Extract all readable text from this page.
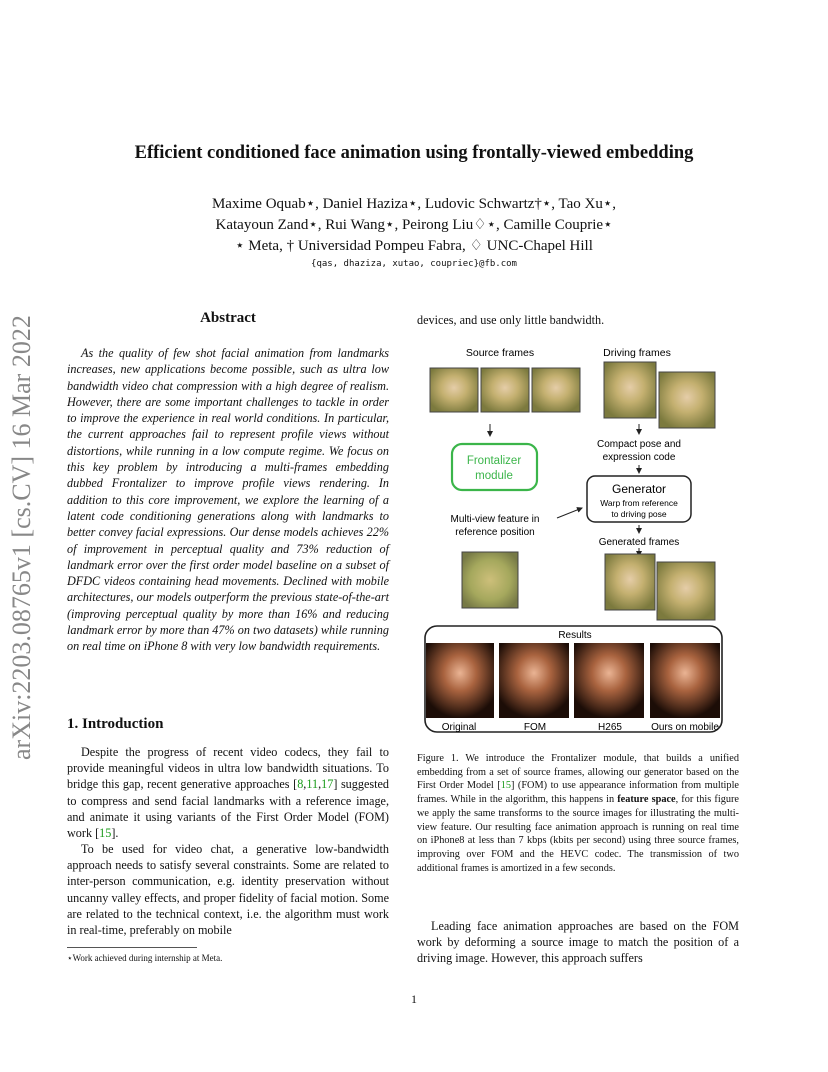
arXiv:2203.08765v1 [cs.CV] 16 Mar 2022
Efficient conditioned face animation using frontally-viewed embedding
Maxime Oquab⋆, Daniel Haziza⋆, Ludovic Schwartz†⋆, Tao Xu⋆,
Katayoun Zand⋆, Rui Wang⋆, Peirong Liu♢⋆, Camille Couprie⋆
⋆ Meta, † Universidad Pompeu Fabra, ♢ UNC-Chapel Hill
{qas, dhaziza, xutao, coupriec}@fb.com
Abstract
As the quality of few shot facial animation from landmarks increases, new applications become possible, such as ultra low bandwidth video chat compression with a high degree of realism. However, there are some important challenges to tackle in order to improve the experience in real world conditions. In particular, the current approaches fail to represent profile views without distortions, while running in a low compute regime. We focus on this key problem by introducing a multi-frames embedding dubbed Frontalizer to improve profile views rendering. In addition to this core improvement, we explore the learning of a latent code conditioning generations along with landmarks to better convey facial expressions. Our dense models achieves 22% of improvement in perceptual quality and 73% reduction of landmark error over the first order model baseline on a subset of DFDC videos containing head movements. Declined with mobile architectures, our models outperform the previous state-of-the-art (improving perceptual quality by more than 16% and reducing landmark error by more than 47% on two datasets) while running on real time on iPhone 8 with very low bandwidth requirements.
1. Introduction
Despite the progress of recent video codecs, they fail to provide meaningful videos in ultra low bandwidth situations. To bridge this gap, recent generative approaches [8,11,17] suggested to compress and send facial landmarks with a reference image, and animate it using variants of the First Order Model (FOM) work [15].
To be used for video chat, a generative low-bandwidth approach needs to satisfy several constraints. Some are related to inter-person communication, e.g. identity preservation without uncanny valley effects, and proper fidelity of facial motion. Some are related to the technical context, i.e. the algorithm must work in real-time, preferably on mobile
⋆Work achieved during internship at Meta.
devices, and use only little bandwidth.
Source frames	Driving frames
Frontalizer
module
Compact pose and
expression code
Generator
Warp from reference
to driving pose
Multi-view feature in
reference position
Generated frames
Results
Original	FOM	H265	Ours on mobile
Figure 1. We introduce the Frontalizer module, that builds a unified embedding from a set of source frames, allowing our generator based on the First Order Model [15] (FOM) to use appearance information from multiple frames. While in the algorithm, this happens in feature space, for this figure we apply the same transforms to the source images for illustrating the multi-view feature. Our resulting face animation approach is running on real time on iPhone8 at less than 7 kbps (kbits per second) using three source frames, improving over FOM and the HEVC codec. The transmission of two additional frames is amortized in a few seconds.
Leading face animation approaches are based on the FOM work by deforming a source image to match the position of a driving image. However, this approach suffers
1
